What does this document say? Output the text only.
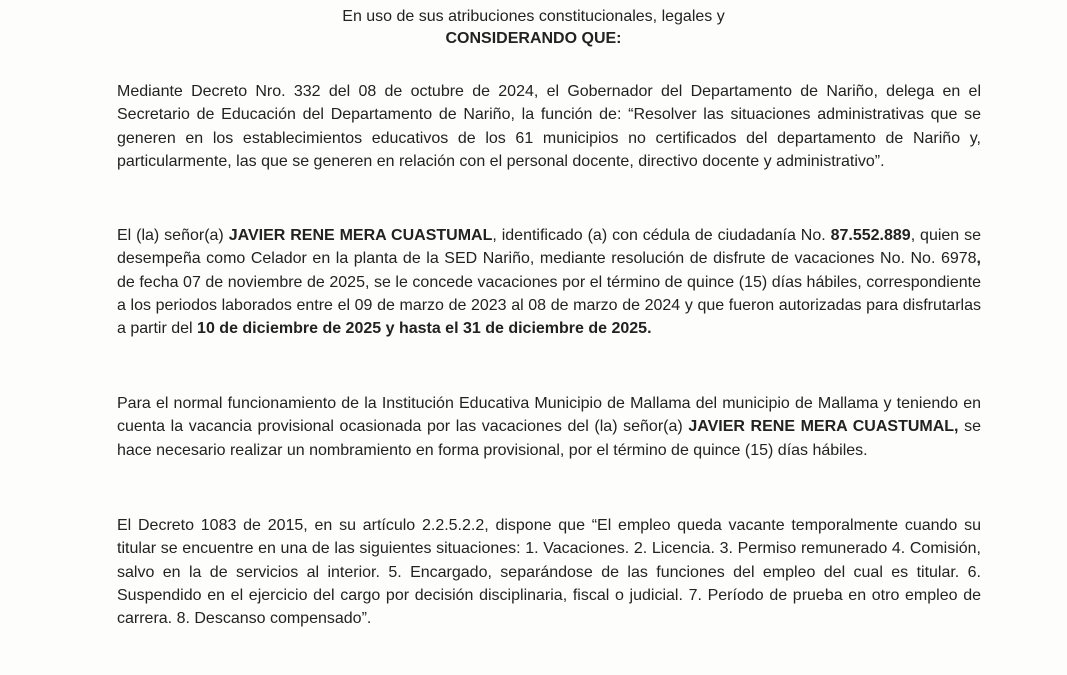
En uso de sus atribuciones constitucionales, legales y
CONSIDERANDO QUE:

Mediante Decreto Nro. 332 del 08 de octubre de 2024, el Gobernador del Departamento de Nariño, delega en el Secretario de Educación del Departamento de Nariño, la función de: “Resolver las situaciones administrativas que se generen en los establecimientos educativos de los 61 municipios no certificados del departamento de Nariño y, particularmente, las que se generen en relación con el personal docente, directivo docente y administrativo”.

El (la) señor(a) JAVIER RENE MERA CUASTUMAL, identificado (a) con cédula de ciudadanía No. 87.552.889, quien se desempeña como Celador en la planta de la SED Nariño, mediante resolución de disfrute de vacaciones No. No. 6978, de fecha 07 de noviembre de 2025, se le concede vacaciones por el término de quince (15) días hábiles, correspondiente a los periodos laborados entre el 09 de marzo de 2023 al 08 de marzo de 2024 y que fueron autorizadas para disfrutarlas a partir del 10 de diciembre de 2025 y hasta el 31 de diciembre de 2025.

Para el normal funcionamiento de la Institución Educativa Municipio de Mallama del municipio de Mallama y teniendo en cuenta la vacancia provisional ocasionada por las vacaciones del (la) señor(a) JAVIER RENE MERA CUASTUMAL, se hace necesario realizar un nombramiento en forma provisional, por el término de quince (15) días hábiles.

El Decreto 1083 de 2015, en su artículo 2.2.5.2.2, dispone que “El empleo queda vacante temporalmente cuando su titular se encuentre en una de las siguientes situaciones: 1. Vacaciones. 2. Licencia. 3. Permiso remunerado 4. Comisión, salvo en la de servicios al interior. 5. Encargado, separándose de las funciones del empleo del cual es titular. 6. Suspendido en el ejercicio del cargo por decisión disciplinaria, fiscal o judicial. 7. Período de prueba en otro empleo de carrera. 8. Descanso compensado”.
